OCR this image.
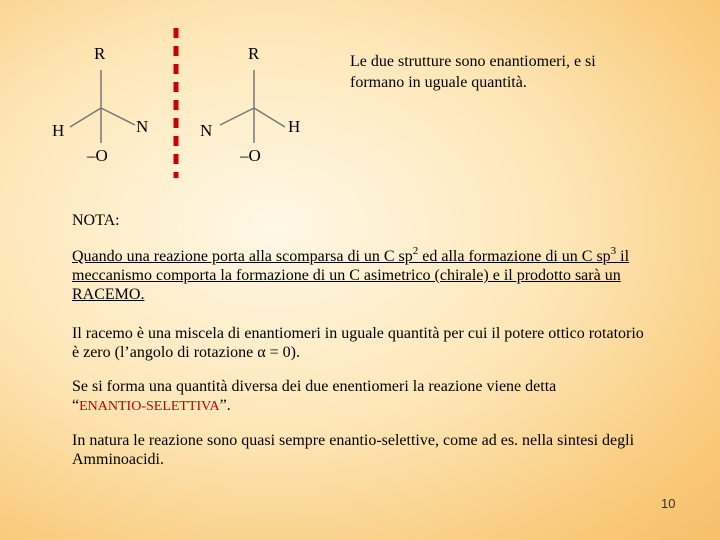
R
N
H
–O
R
N	H
–O
Le due strutture sono enantiomeri, e si formano in uguale quantità.
NOTA:
Quando una reazione porta alla scomparsa di un C $sp^2$ ed alla formazione di un C $sp^3$ il meccanismo comporta la formazione di un C asimetrico (chirale) e il prodotto sarà un RACEMO.
Il racemo è una miscela di enantiomeri in uguale quantità per cui il potere ottico rotatorio è zero (l’angolo di rotazione α = 0).
Se si forma una quantità diversa dei due enentiomeri la reazione viene detta
“ENANTIO-SELETTIVA”.
In natura le reazione sono quasi sempre enantio-selettive, come ad es. nella sintesi degli Amminoacidi.
10
